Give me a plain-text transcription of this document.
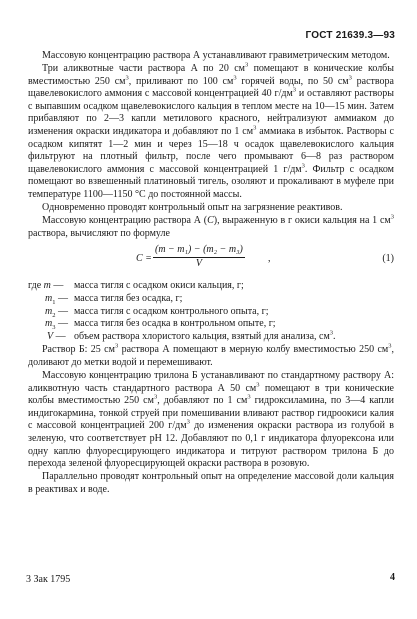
ГОСТ 21639.3—93

Массовую концентрацию раствора А устанавливают гравиметрическим методом.

Три аликвотные части раствора А по 20 $см^3$ помещают в конические колбы вместимостью 250 $см^3$, приливают по 100 $см^3$ горячей воды, по 50 $см^3$ раствора щавелевокислого аммония с массовой концентрацией 40 $г/дм^3$ и оставляют растворы с выпавшим осадком щавелевокислого кальция в теплом месте на 10—15 мин. Затем прибавляют по 2—3 капли метилового красного, нейтрализуют аммиаком до изменения окраски индикатора и добавляют по 1 $см^3$ аммиака в избыток. Растворы с осадком кипятят 1—2 мин и через 15—18 ч осадок щавелевокислого кальция фильтруют на плотный фильтр, после чего промывают 6—8 раз раствором щавелевокислого аммония с массовой концентрацией 1 $г/дм^3$. Фильтр с осадком помещают во взвешенный платиновый тигель, озоляют и прокаливают в муфеле при температуре 1100—1150 °С до постоянной массы.

Одновременно проводят контрольный опыт на загрязнение реактивов.

Массовую концентрацию раствора А (С), выраженную в г окиси кальция на 1 $см^3$ раствора, вычисляют по формуле

$C = \frac{\text{(m − m₁) − (m₂ − m₃)}}{V}$ ,	(1)
где m —	масса тигля с осадком окиси кальция, г;
$m_1$ — масса тигля без осадка, г;
$m_2$ — масса тигля с осадком контрольного опыта, г;
$m_3$ — масса тигля без осадка в контрольном опыте, г;
V — объем раствора хлористого кальция, взятый для анализа, $см^3$.

Раствор Б: 25 $см^3$ раствора А помещают в мерную колбу вместимостью 250 $см^3$, доливают до метки водой и перемешивают.

Массовую концентрацию трилона Б устанавливают по стандартному раствору А: аликвотную часть стандартного раствора А 50 $см^3$ помещают в три конические колбы вместимостью 250 $см^3$, добавляют по 1 $см^3$ гидроксиламина, по 3—4 капли индигокармина, тонкой струей при помешивании вливают раствор гидроокиси калия с массовой концентрацией 200 $г/дм^3$ до изменения окраски раствора из голубой в зеленую, что соответствует рН 12. Добавляют по 0,1 г индикатора флуорексона или одну каплю флуоресцирующего индикатора и титруют раствором трилона Б до перехода зеленой флуоресцирующей окраски раствора в розовую.

Параллельно проводят контрольный опыт на определение массовой доли кальция в реактивах и воде.

3 Зак 1795	4
